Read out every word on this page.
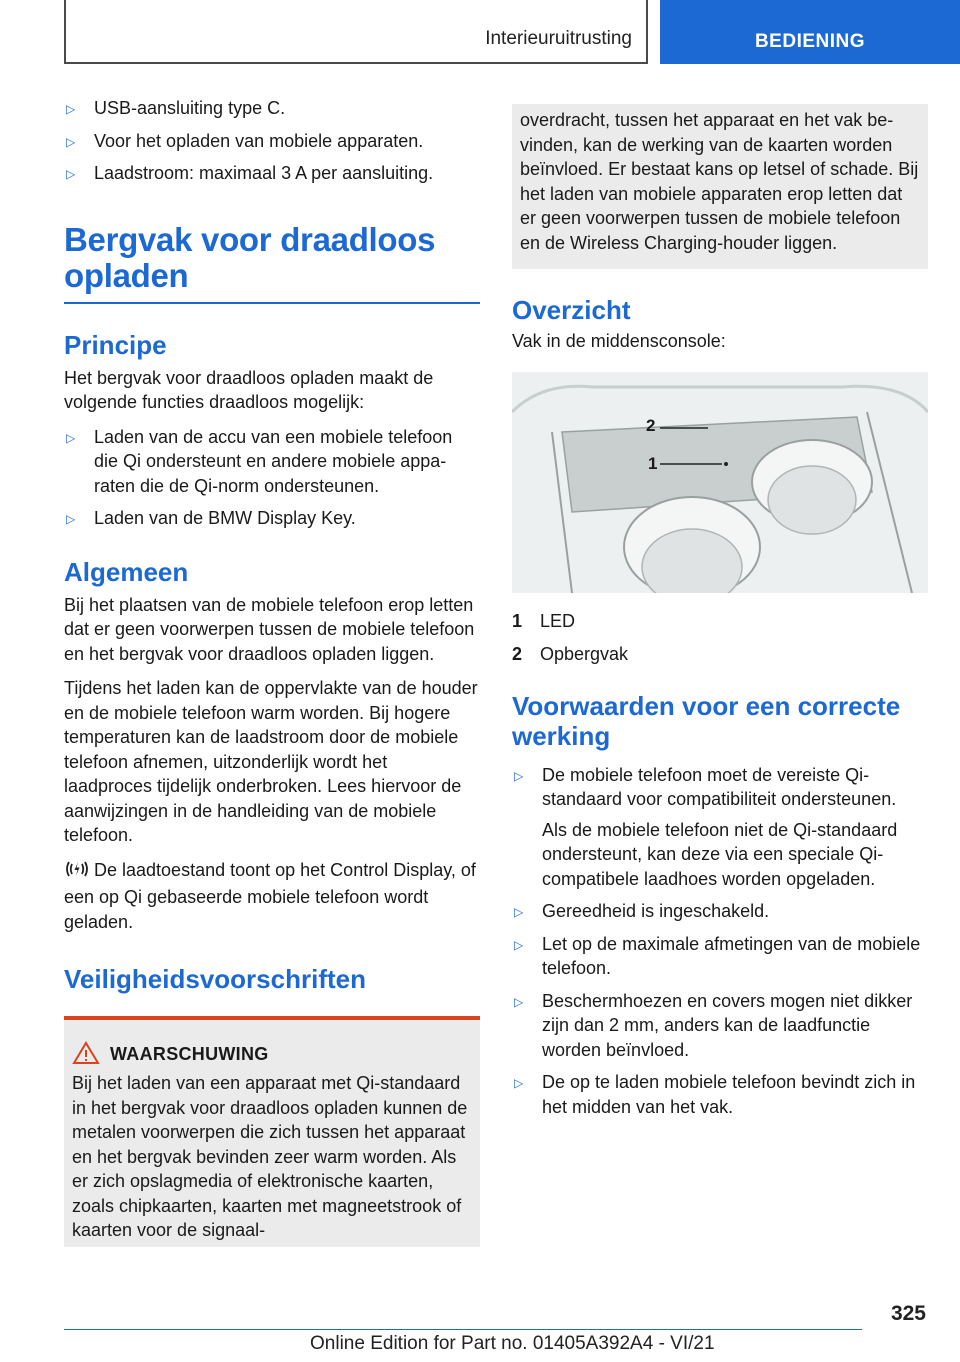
Interieuruitrusting	BEDIENING
▷ USB-aansluiting type C.
▷ Voor het opladen van mobiele apparaten.
▷ Laadstroom: maximaal 3 A per aansluiting.
Bergvak voor draadloos opladen
Principe

Het bergvak voor draadloos opladen maakt de volgende functies draadloos mogelijk:

▷ Laden van de accu van een mobiele telefoon die Qi ondersteunt en andere mobiele apparaten die de Qi-norm ondersteunen.
▷ Laden van de BMW Display Key.
Algemeen

Bij het plaatsen van de mobiele telefoon erop letten dat er geen voorwerpen tussen de mobiele telefoon en het bergvak voor draadloos opladen liggen.

Tijdens het laden kan de oppervlakte van de houder en de mobiele telefoon warm worden. Bij hogere temperaturen kan de laadstroom door de mobiele telefoon afnemen, uitzonderlijk wordt het laadproces tijdelijk onderbroken. Lees hiervoor de aanwijzingen in de handleiding van de mobiele telefoon.

De laadtoestand toont op het Control Display, of een op Qi gebaseerde mobiele telefoon wordt geladen.

Veiligheidsvoorschriften
WAARSCHUWING

Bij het laden van een apparaat met Qi-standaard in het bergvak voor draadloos opladen kunnen de metalen voorwerpen die zich tussen het apparaat en het bergvak bevinden zeer warm worden. Als er zich opslagmedia of elektronische kaarten, zoals chipkaarten, kaarten met magneetstrook of kaarten voor de signaal-

overdracht, tussen het apparaat en het vak bevinden, kan de werking van de kaarten worden beïnvloed. Er bestaat kans op letsel of schade. Bij het laden van mobiele apparaten erop letten dat er geen voorwerpen tussen de mobiele telefoon en de Wireless Charging-houder liggen.

Overzicht

Vak in de middensconsole:

2
1
1 LED
2 Opbergvak
Voorwaarden voor een correcte werking
▷ De mobiele telefoon moet de vereiste Qi-standaard voor compatibiliteit ondersteunen.

Als de mobiele telefoon niet de Qi-standaard ondersteunt, kan deze via een speciale Qi-compatibele laadhoes worden opgeladen.

▷ Gereedheid is ingeschakeld.
▷ Let op de maximale afmetingen van de mobiele telefoon.
▷ Beschermhoezen en covers mogen niet dikker zijn dan 2 mm, anders kan de laadfunctie worden beïnvloed.
▷ De op te laden mobiele telefoon bevindt zich in het midden van het vak.
325
Online Edition for Part no. 01405A392A4 - VI/21
